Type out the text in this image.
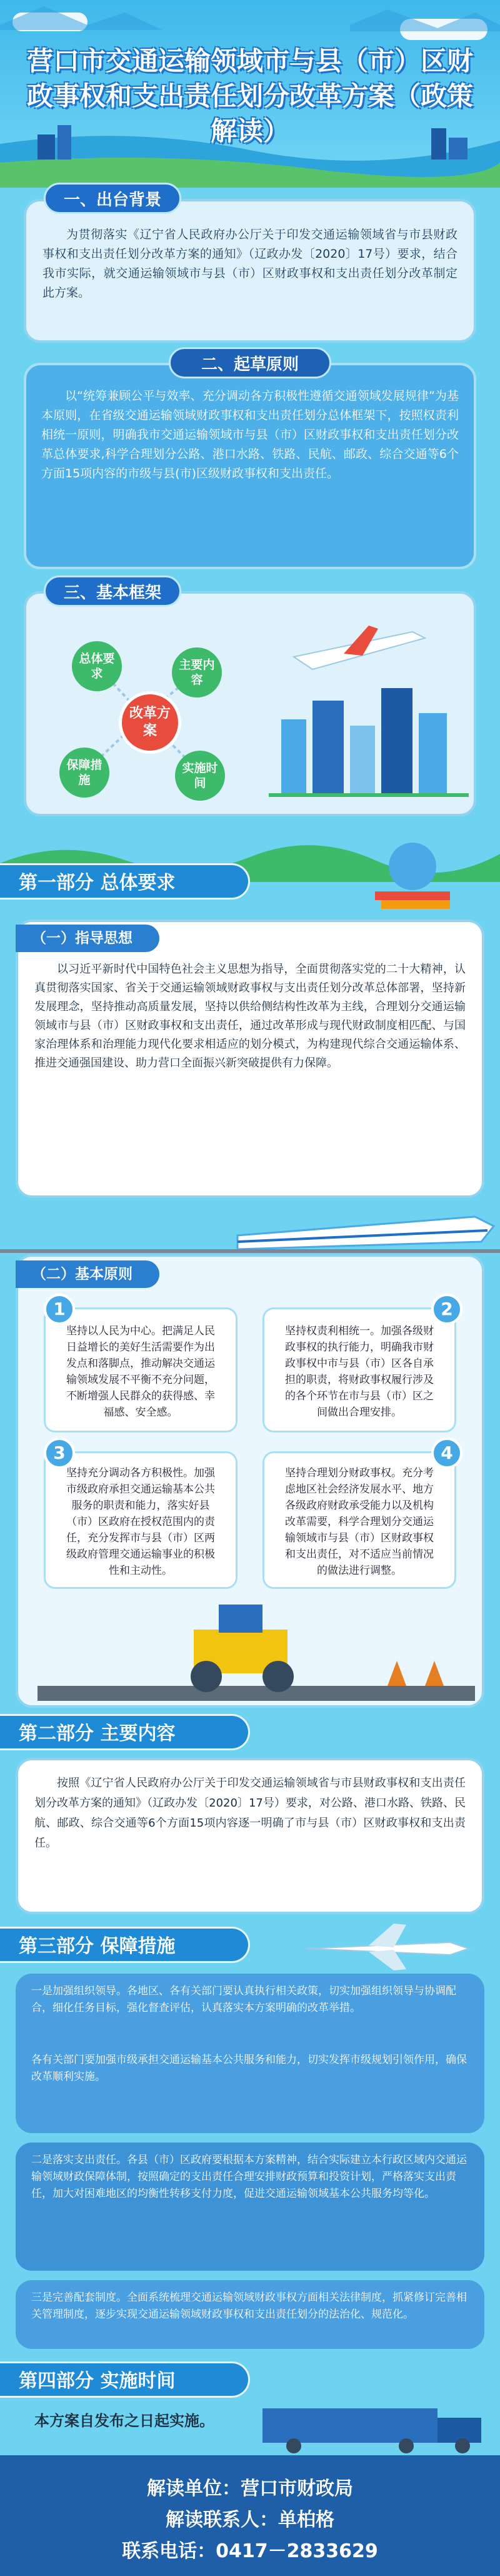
营口市交通运输领域市与县（市）区财政事权和支出责任划分改革方案（政策解读）
一、出台背景
为贯彻落实《辽宁省人民政府办公厅关于印发交通运输领域省与市县财政事权和支出责任划分改革方案的通知》（辽政办发〔2020〕17号）要求，结合我市实际，就交通运输领域市与县（市）区财政事权和支出责任划分改革制定此方案。
二、起草原则
以“统筹兼顾公平与效率、充分调动各方积极性遵循交通领域发展规律”为基本原则，在省级交通运输领域财政事权和支出责任划分总体框架下，按照权责利相统一原则，明确我市交通运输领域市与县（市）区财政事权和支出责任划分改革总体要求,科学合理划分公路、港口水路、铁路、民航、邮政、综合交通等6个方面15项内容的市级与县(市)区级财政事权和支出责任。
三、基本框架
改革方案
总体要求
主要内容
保障措施
实施时间
第一部分 总体要求
（一）指导思想
以习近平新时代中国特色社会主义思想为指导，全面贯彻落实党的二十大精神，认真贯彻落实国家、省关于交通运输领域财政事权与支出责任划分改革总体部署，坚持新发展理念，坚持推动高质量发展，坚持以供给侧结构性改革为主线，合理划分交通运输领域市与县（市）区财政事权和支出责任，通过改革形成与现代财政制度相匹配、与国家治理体系和治理能力现代化要求相适应的划分模式，为构建现代综合交通运输体系、推进交通强国建设、助力营口全面振兴新突破提供有力保障。
（二）基本原则
1
坚持以人民为中心。把满足人民日益增长的美好生活需要作为出发点和落脚点，推动解决交通运输领域发展不平衡不充分问题，不断增强人民群众的获得感、幸福感、安全感。
2
坚持权责利相统一。加强各级财政事权的执行能力，明确我市财政事权中市与县（市）区各自承担的职责，将财政事权履行涉及的各个环节在市与县（市）区之间做出合理安排。
3
坚持充分调动各方积极性。加强市级政府承担交通运输基本公共服务的职责和能力，落实好县（市）区政府在授权范围内的责任，充分发挥市与县（市）区两级政府管理交通运输事业的积极性和主动性。
4
坚持合理划分财政事权。充分考虑地区社会经济发展水平、地方各级政府财政承受能力以及机构改革需要，科学合理划分交通运输领域市与县（市）区财政事权和支出责任，对不适应当前情况的做法进行调整。
第二部分 主要内容
按照《辽宁省人民政府办公厅关于印发交通运输领域省与市县财政事权和支出责任划分改革方案的通知》（辽政办发〔2020〕17号）要求，对公路、港口水路、铁路、民航、邮政、综合交通等6个方面15项内容逐一明确了市与县（市）区财政事权和支出责任。
第三部分 保障措施
一是加强组织领导。各地区、各有关部门要认真执行相关政策，切实加强组织领导与协调配合，细化任务目标，强化督查评估，认真落实本方案明确的改革举措。
各有关部门要加强市级承担交通运输基本公共服务和能力，切实发挥市级规划引领作用，确保改革顺利实施。
二是落实支出责任。各县（市）区政府要根据本方案精神，结合实际建立本行政区域内交通运输领域财政保障体制，按照确定的支出责任合理安排财政预算和投资计划，严格落实支出责任，加大对困难地区的均衡性转移支付力度，促进交通运输领域基本公共服务均等化。
三是完善配套制度。全面系统梳理交通运输领域财政事权方面相关法律制度，抓紧修订完善相关管理制度，逐步实现交通运输领域财政事权和支出责任划分的法治化、规范化。
第四部分 实施时间
本方案自发布之日起实施。
解读单位：营口市财政局
解读联系人：单柏格
联系电话：0417－2833629
